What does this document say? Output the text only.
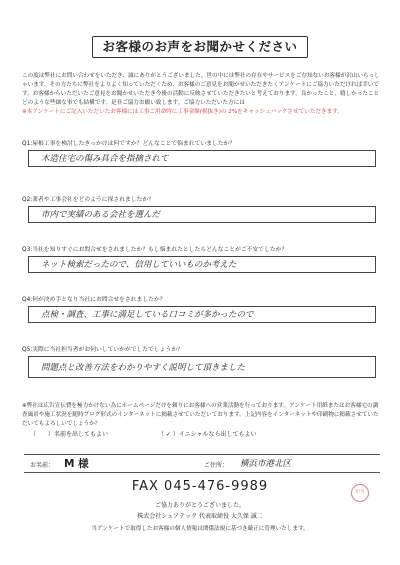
お客様のお声をお聞かせください
この度は弊社にお問い合わせをいただき、誠にありがとうございました。世の中には弊社の存在やサービスをご存知ないお客様が沢山いらっしゃいます。その方たちに弊社をよりよく知っていただくため、お客様のご意見をお聞かせいただきたくアンケートにご協力いただければ幸いです。お客様からいただいたご意見をお聞かせいただき今後の活動に反映させていただきたいと考えております。良かったこと、嬉しかったことどのような些細な事でも結構です。是非ご協力お願い致します。ご協力いただいた方には
※本アンケートにご記入いただいたお客様には工事ご用命時に工事金額(税抜き)の 2%をキャッシュバックさせていただきます。
Q1:屋根工事を検討したきっかけは何ですか？どんなことで悩まれていましたか？
木造住宅の傷み具合を指摘されて
Q2:業者や工事会社をどのように探されましたか？
市内で実績のある会社を選んだ
Q3:当社を知りすぐにお問合せをされましたか？もし悩まれたとしたらどんなことがご不安でしたか？
ネット検索だったので、信用していいものか考えた
Q4:何が決め手となり当社にお問合せをされましたか？
点検・調査、工事に満足している口コミが多かったので
Q5:実際に当社担当者がお伺いしていかがでしたでしょうか？
問題点と改善方法をわかりやすく説明して頂きました
※弊社は広告宣伝費を極力かけない為にホームページだけを頼りにお客様への営業活動を行っております。アンケート用紙またはお客様宅の調査風景や施工状況を随時ブログ形式のインターネットに掲載させていただいております。上記内容をインターネットや印刷物に掲載させていただいてもよろしいでしょうか？
（　　）名前を出してもよい	（ ✓ ）イニシャルなら出してもよい
お名前： M 様	ご住所： 横浜市港北区
FAX 045-476-9989	担当
ご協力ありがとうございました。
株式会社シェアテック 代表取締役 大久保 誠二
当アンケートで取得したお客様の個人情報は関係法規に基づき厳正に管理いたします。
